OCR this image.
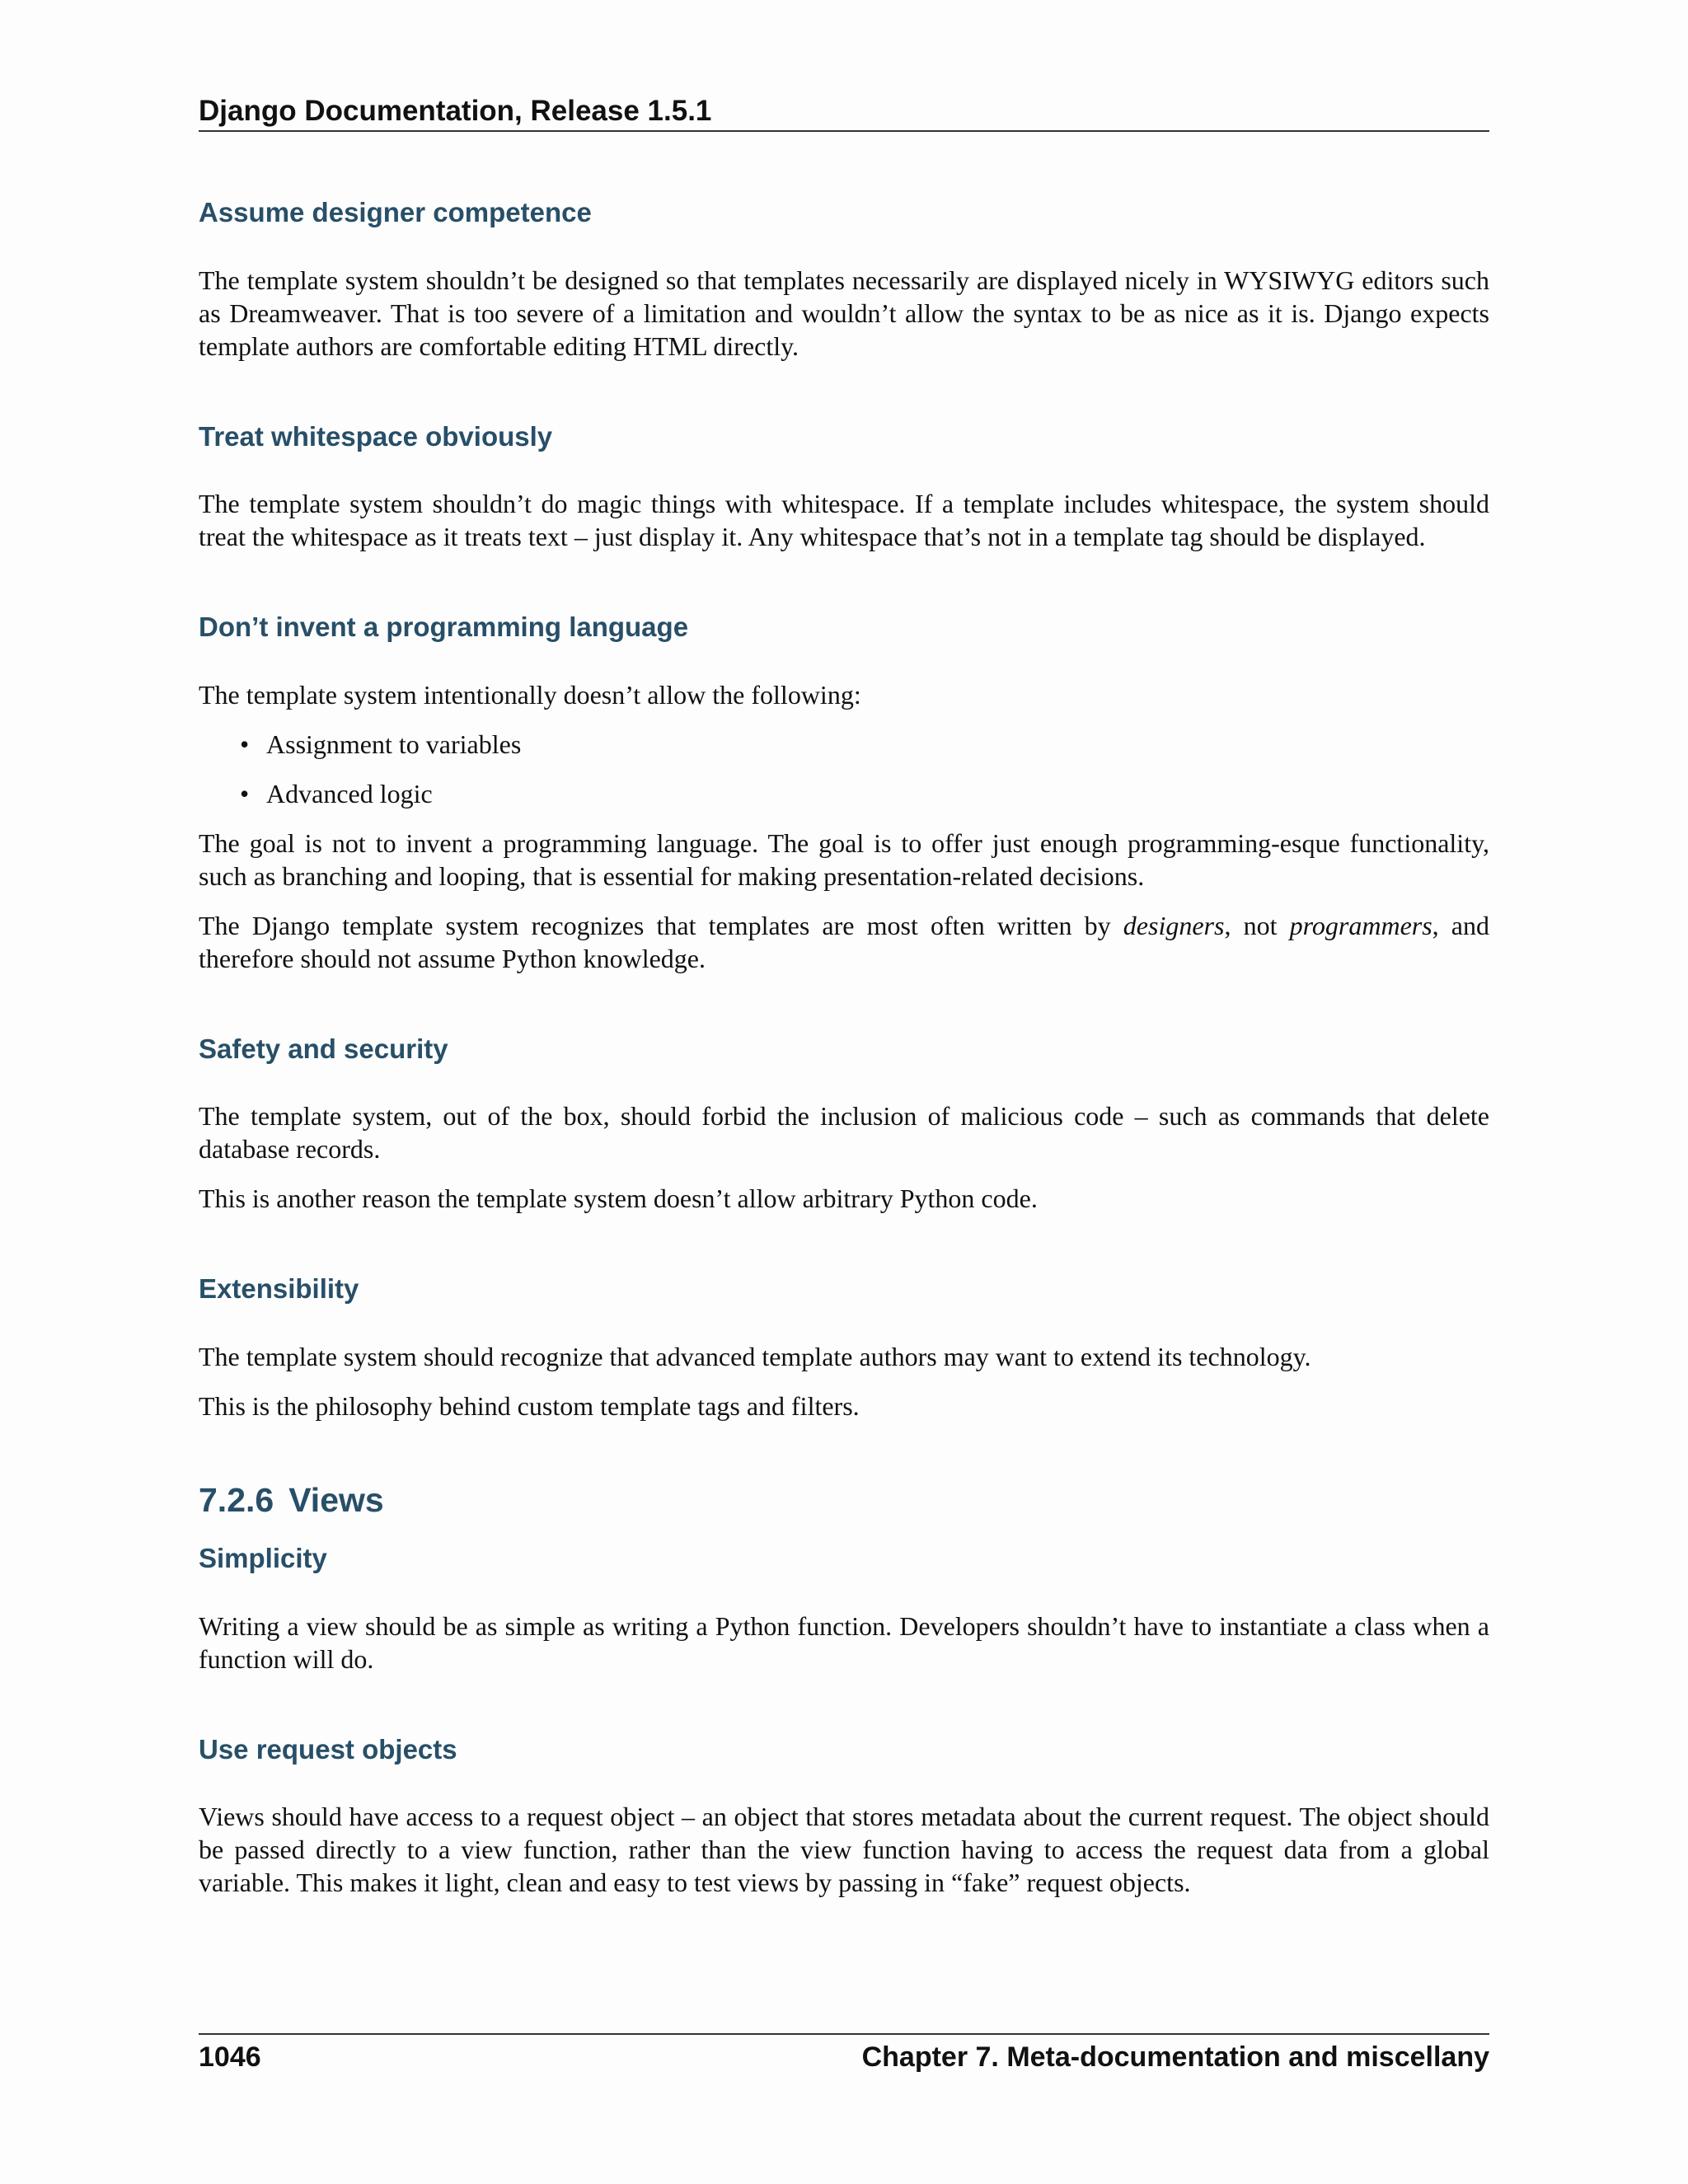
Django Documentation, Release 1.5.1
Assume designer competence

The template system shouldn’t be designed so that templates necessarily are displayed nicely in WYSIWYG editors such as Dreamweaver. That is too severe of a limitation and wouldn’t allow the syntax to be as nice as it is. Django expects template authors are comfortable editing HTML directly.

Treat whitespace obviously

The template system shouldn’t do magic things with whitespace. If a template includes whitespace, the system should treat the whitespace as it treats text – just display it. Any whitespace that’s not in a template tag should be displayed.

Don’t invent a programming language

The template system intentionally doesn’t allow the following:

• Assignment to variables
• Advanced logic

The goal is not to invent a programming language. The goal is to offer just enough programming-esque functionality, such as branching and looping, that is essential for making presentation-related decisions.

The Django template system recognizes that templates are most often written by designers, not programmers, and therefore should not assume Python knowledge.

Safety and security

The template system, out of the box, should forbid the inclusion of malicious code – such as commands that delete database records.

This is another reason the template system doesn’t allow arbitrary Python code.

Extensibility

The template system should recognize that advanced template authors may want to extend its technology.

This is the philosophy behind custom template tags and filters.

7.2.6 Views
Simplicity

Writing a view should be as simple as writing a Python function. Developers shouldn’t have to instantiate a class when a function will do.

Use request objects

Views should have access to a request object – an object that stores metadata about the current request. The object should be passed directly to a view function, rather than the view function having to access the request data from a global variable. This makes it light, clean and easy to test views by passing in “fake” request objects.

1046	Chapter 7. Meta-documentation and miscellany
